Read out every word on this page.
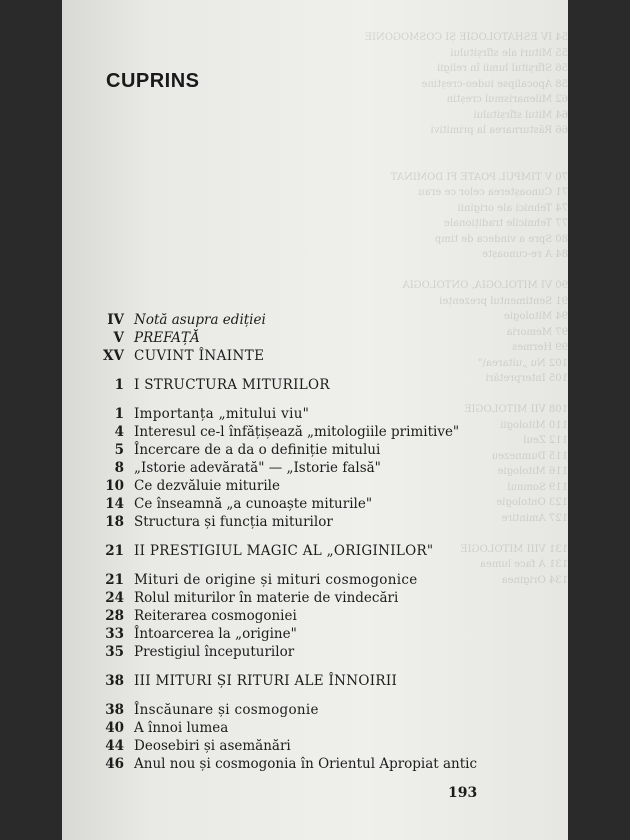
54 IV ESHATOLOGIE ȘI COSMOGONIE
55 Mituri ale sfîrșitului
56 Sfîrșitul lumii în religii
58 Apocalipse iudeo-creștine
62 Milenarismul creștin
64 Mitul sfîrșitului
66 Răsturnarea la primitivi

70 V TIMPUL POATE FI DOMINAT
71 Cunoașterea celor ce erau
74 Tehnici ale originii
77 Tehnicile tradiționale
80 Spre a vindeca de timp
84 A re-cunoaște

90 VI MITOLOGIA, ONTOLOGIA
91 Sentimentul prezenței
94 Mitologie
97 Memoria
99 Hermes
102 Nu „uitarea\"
105 Interpretări

108 VII MITOLOGIE
110 Mitologii
112 Zeul
115 Dumnezeu
116 Mitologie
119 Somnul
123 Ontologie
127 Amintire

131 VIII MITOLOGIE
131 A face lumea
134 Originea
CUPRINS
IV Notă asupra ediției
V PREFAȚĂ
XV CUVINT ÎNAINTE
1 I STRUCTURA MITURILOR
1 Importanța „mitului viu"
4 Interesul ce-l înfățișează „mitologiile primitive"
5 Încercare de a da o definiție mitului
8 „Istorie adevărată" — „Istorie falsă"
10 Ce dezvăluie miturile
14 Ce înseamnă „a cunoaște miturile"
18 Structura și funcția miturilor
21 II PRESTIGIUL MAGIC AL „ORIGINILOR"
21 Mituri de origine și mituri cosmogonice
24 Rolul miturilor în materie de vindecări
28 Reiterarea cosmogoniei
33 Întoarcerea la „origine"
35 Prestigiul începuturilor
38 III MITURI ȘI RITURI ALE ÎNNOIRII
38 Înscăunare și cosmogonie
40 A înnoi lumea
44 Deosebiri și asemănări
46 Anul nou și cosmogonia în Orientul Apropiat antic
193
